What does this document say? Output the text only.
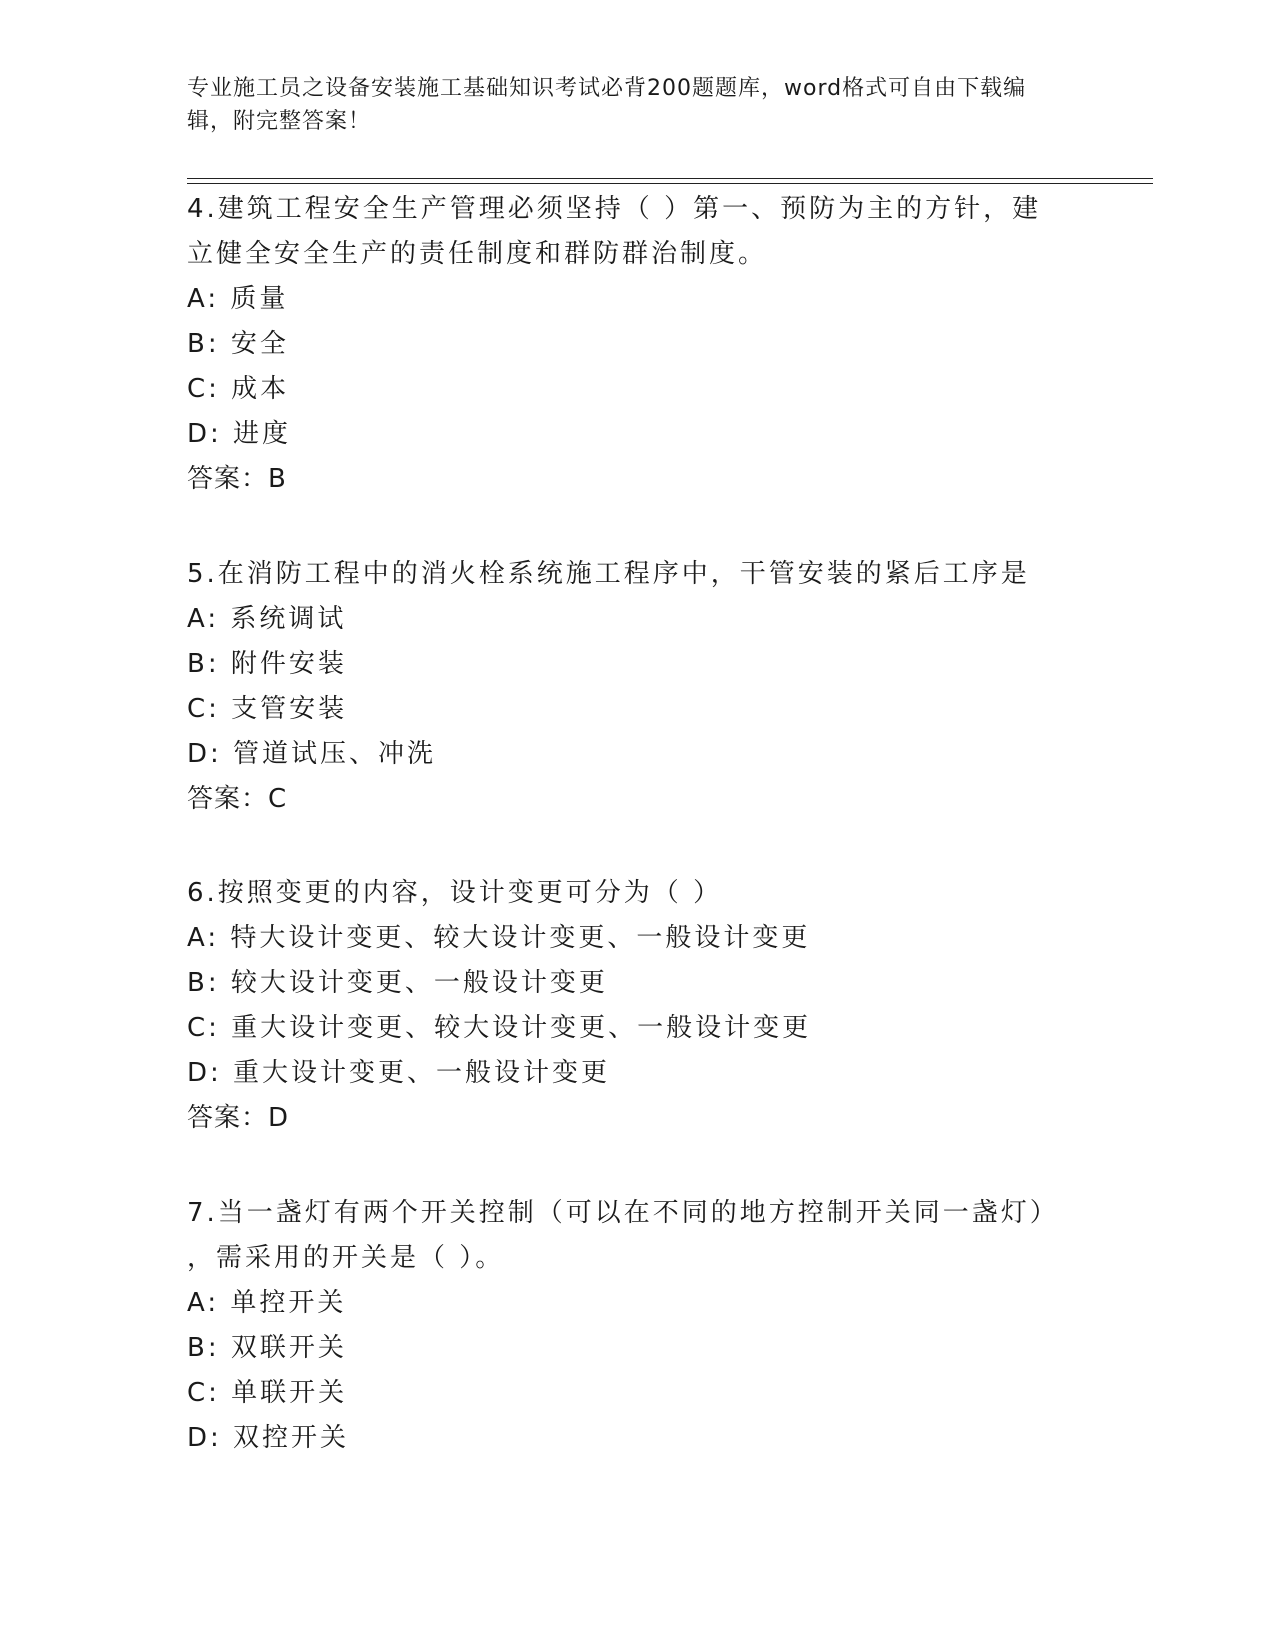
专业施工员之设备安装施工基础知识考试必背200题题库，word格式可自由下载编辑，附完整答案！
4.建筑工程安全生产管理必须坚持（ ）第一、预防为主的方针，建立健全安全生产的责任制度和群防群治制度。
A: 质量
B: 安全
C: 成本
D: 进度
答案：B
5.在消防工程中的消火栓系统施工程序中，干管安装的紧后工序是
A: 系统调试
B: 附件安装
C: 支管安装
D: 管道试压、冲洗
答案：C
6.按照变更的内容，设计变更可分为（ ）
A: 特大设计变更、较大设计变更、一般设计变更
B: 较大设计变更、一般设计变更
C: 重大设计变更、较大设计变更、一般设计变更
D: 重大设计变更、一般设计变更
答案：D
7.当一盏灯有两个开关控制（可以在不同的地方控制开关同一盏灯）
，需采用的开关是（ ）。
A: 单控开关
B: 双联开关
C: 单联开关
D: 双控开关
